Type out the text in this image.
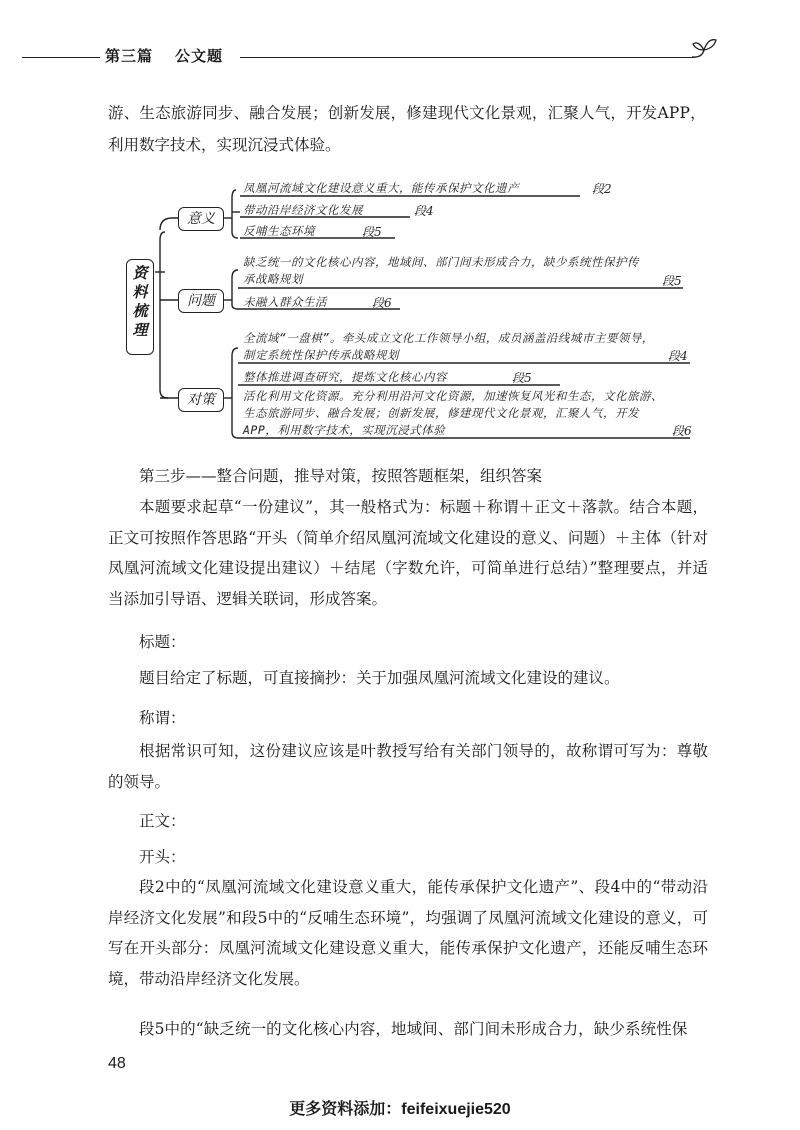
第三篇 公文题
游、生态旅游同步、融合发展；创新发展，修建现代文化景观，汇聚人气，开发APP，
利用数字技术，实现沉浸式体验。
资料梳理
意义
问题
对策
凤凰河流域文化建设意义重大，能传承保护文化遗产	段2
带动沿岸经济文化发展	段4
反哺生态环境	段5
缺乏统一的文化核心内容，地域间、部门间未形成合力，缺少系统性保护传承战略规划	段5
未融入群众生活	段6
全流域“一盘棋”。牵头成立文化工作领导小组，成员涵盖沿线城市主要领导，制定系统性保护传承战略规划	段4
整体推进调查研究，提炼文化核心内容	段5
活化利用文化资源。充分利用沿河文化资源，加速恢复风光和生态，文化旅游、生态旅游同步、融合发展；创新发展，修建现代文化景观，汇聚人气，开发APP，利用数字技术，实现沉浸式体验	段6
第三步——整合问题，推导对策，按照答题框架，组织答案
本题要求起草“一份建议”，其一般格式为：标题＋称谓＋正文＋落款。结合本题，正文可按照作答思路“开头（简单介绍凤凰河流域文化建设的意义、问题）＋主体（针对凤凰河流域文化建设提出建议）＋结尾（字数允许，可简单进行总结）”整理要点，并适当添加引导语、逻辑关联词，形成答案。
标题：
题目给定了标题，可直接摘抄：关于加强凤凰河流域文化建设的建议。
称谓：
根据常识可知，这份建议应该是叶教授写给有关部门领导的，故称谓可写为：尊敬的领导。
正文：
开头：
段2中的“凤凰河流域文化建设意义重大，能传承保护文化遗产”、段4中的“带动沿岸经济文化发展”和段5中的“反哺生态环境”，均强调了凤凰河流域文化建设的意义，可写在开头部分：凤凰河流域文化建设意义重大，能传承保护文化遗产，还能反哺生态环境，带动沿岸经济文化发展。
段5中的“缺乏统一的文化核心内容，地域间、部门间未形成合力，缺少系统性保
48
更多资料添加：feifeixuejie520
